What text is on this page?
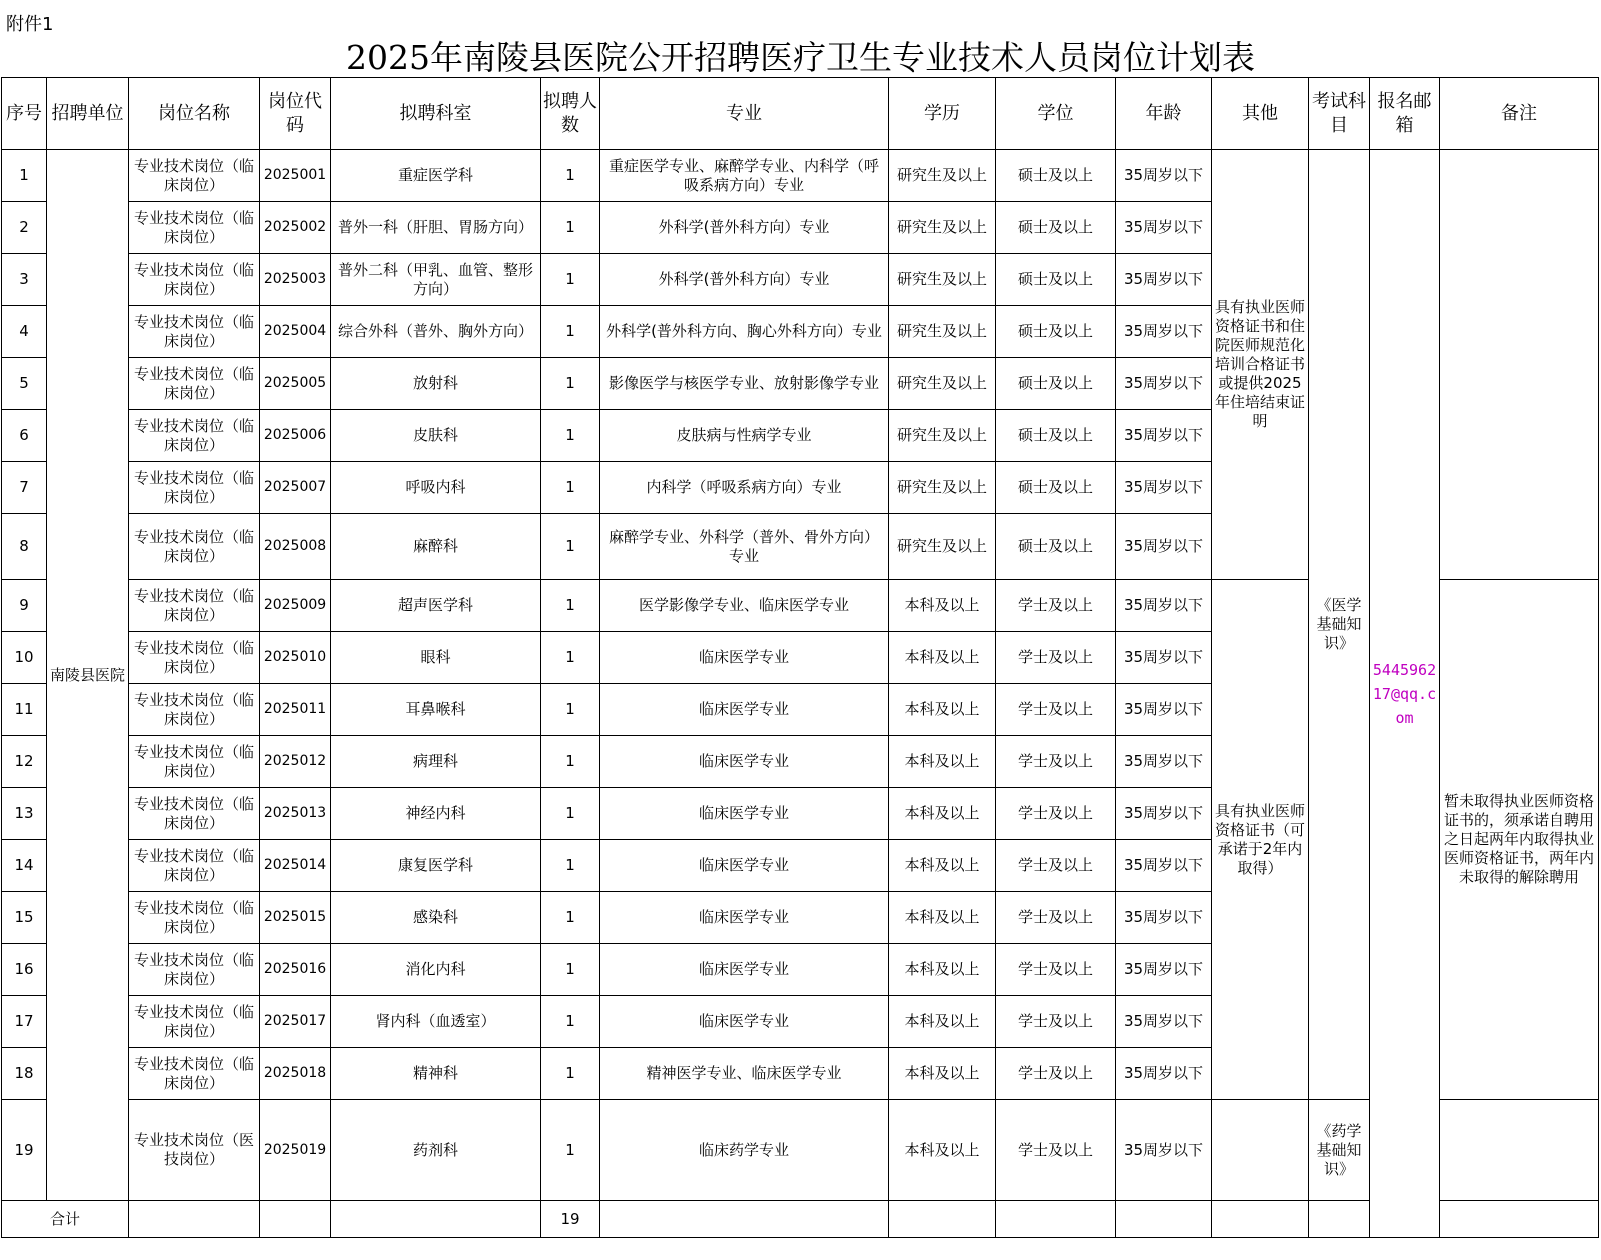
附件1
2025年南陵县医院公开招聘医疗卫生专业技术人员岗位计划表
序号	招聘单位	岗位名称	岗位代码	拟聘科室	拟聘人数	专业	学历	学位	年龄	其他	考试科目	报名邮箱	备注
1	南陵县医院	专业技术岗位（临床岗位）	2025001	重症医学科	1	重症医学专业、麻醉学专业、内科学（呼吸系病方向）专业	研究生及以上	硕士及以上	35周岁以下	具有执业医师资格证书和住院医师规范化培训合格证书或提供2025年住培结束证明	《医学基础知识》	544596217@qq.com	
2		专业技术岗位（临床岗位）	2025002	普外一科（肝胆、胃肠方向）	1	外科学(普外科方向）专业	研究生及以上	硕士及以上	35周岁以下				
3		专业技术岗位（临床岗位）	2025003	普外二科（甲乳、血管、整形方向）	1	外科学(普外科方向）专业	研究生及以上	硕士及以上	35周岁以下				
4		专业技术岗位（临床岗位）	2025004	综合外科（普外、胸外方向）	1	外科学(普外科方向、胸心外科方向）专业	研究生及以上	硕士及以上	35周岁以下				
5		专业技术岗位（临床岗位）	2025005	放射科	1	影像医学与核医学专业、放射影像学专业	研究生及以上	硕士及以上	35周岁以下				
6		专业技术岗位（临床岗位）	2025006	皮肤科	1	皮肤病与性病学专业	研究生及以上	硕士及以上	35周岁以下				
7		专业技术岗位（临床岗位）	2025007	呼吸内科	1	内科学（呼吸系病方向）专业	研究生及以上	硕士及以上	35周岁以下				
8		专业技术岗位（临床岗位）	2025008	麻醉科	1	麻醉学专业、外科学（普外、骨外方向）专业	研究生及以上	硕士及以上	35周岁以下				
9		专业技术岗位（临床岗位）	2025009	超声医学科	1	医学影像学专业、临床医学专业	本科及以上	学士及以上	35周岁以下	具有执业医师资格证书（可承诺于2年内取得）			暂未取得执业医师资格证书的，须承诺自聘用之日起两年内取得执业医师资格证书，两年内未取得的解除聘用
10		专业技术岗位（临床岗位）	2025010	眼科	1	临床医学专业	本科及以上	学士及以上	35周岁以下				
11		专业技术岗位（临床岗位）	2025011	耳鼻喉科	1	临床医学专业	本科及以上	学士及以上	35周岁以下				
12		专业技术岗位（临床岗位）	2025012	病理科	1	临床医学专业	本科及以上	学士及以上	35周岁以下				
13		专业技术岗位（临床岗位）	2025013	神经内科	1	临床医学专业	本科及以上	学士及以上	35周岁以下				
14		专业技术岗位（临床岗位）	2025014	康复医学科	1	临床医学专业	本科及以上	学士及以上	35周岁以下				
15		专业技术岗位（临床岗位）	2025015	感染科	1	临床医学专业	本科及以上	学士及以上	35周岁以下				
16		专业技术岗位（临床岗位）	2025016	消化内科	1	临床医学专业	本科及以上	学士及以上	35周岁以下				
17		专业技术岗位（临床岗位）	2025017	肾内科（血透室）	1	临床医学专业	本科及以上	学士及以上	35周岁以下				
18		专业技术岗位（临床岗位）	2025018	精神科	1	精神医学专业、临床医学专业	本科及以上	学士及以上	35周岁以下				
19		专业技术岗位（医技岗位）	2025019	药剂科	1	临床药学专业	本科及以上	学士及以上	35周岁以下		《药学基础知识》		
合计					19								
